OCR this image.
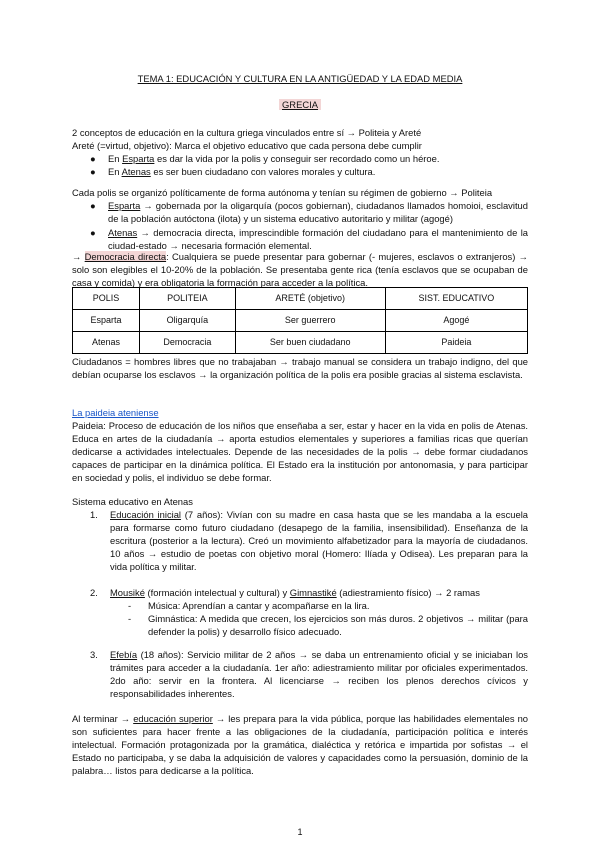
TEMA 1: EDUCACIÓN Y CULTURA EN LA ANTIGÜEDAD Y LA EDAD MEDIA
GRECIA
2 conceptos de educación en la cultura griega vinculados entre sí → Politeia y Areté
Areté (=virtud, objetivo): Marca el objetivo educativo que cada persona debe cumplir
● En Esparta es dar la vida por la polis y conseguir ser recordado como un héroe.
● En Atenas es ser buen ciudadano con valores morales y cultura.
Cada polis se organizó políticamente de forma autónoma y tenían su régimen de gobierno → Politeia
● Esparta → gobernada por la oligarquía (pocos gobiernan), ciudadanos llamados homoioi, esclavitud de la población autóctona (ilota) y un sistema educativo autoritario y militar (agogé)
● Atenas → democracia directa, imprescindible formación del ciudadano para el mantenimiento de la ciudad-estado → necesaria formación elemental.
→ Democracia directa: Cualquiera se puede presentar para gobernar (- mujeres, esclavos o extranjeros) → solo son elegibles el 10-20% de la población. Se presentaba gente rica (tenía esclavos que se ocupaban de casa y comida) y era obligatoria la formación para acceder a la política.
POLIS	POLITEIA	ARETÉ (objetivo)	SIST. EDUCATIVO
Esparta	Oligarquía	Ser guerrero	Agogé
Atenas	Democracia	Ser buen ciudadano	Paideia
Ciudadanos = hombres libres que no trabajaban → trabajo manual se considera un trabajo indigno, del que debían ocuparse los esclavos → la organización política de la polis era posible gracias al sistema esclavista.
La paideia ateniense
Paideia: Proceso de educación de los niños que enseñaba a ser, estar y hacer en la vida en polis de Atenas. Educa en artes de la ciudadanía → aporta estudios elementales y superiores a familias ricas que querían dedicarse a actividades intelectuales. Depende de las necesidades de la polis → debe formar ciudadanos capaces de participar en la dinámica política. El Estado era la institución por antonomasia, y para participar en sociedad y polis, el individuo se debe formar.
Sistema educativo en Atenas
1. Educación inicial (7 años): Vivían con su madre en casa hasta que se les mandaba a la escuela para formarse como futuro ciudadano (desapego de la familia, insensibilidad). Enseñanza de la escritura (posterior a la lectura). Creó un movimiento alfabetizador para la mayoría de ciudadanos. 10 años → estudio de poetas con objetivo moral (Homero: Ilíada y Odisea). Les preparan para la vida política y militar.
2. Mousiké (formación intelectual y cultural) y Gimnastiké (adiestramiento físico) → 2 ramas
- Música: Aprendían a cantar y acompañarse en la lira.
- Gimnástica: A medida que crecen, los ejercicios son más duros. 2 objetivos → militar (para defender la polis) y desarrollo físico adecuado.
3. Efebía (18 años): Servicio militar de 2 años → se daba un entrenamiento oficial y se iniciaban los trámites para acceder a la ciudadanía. 1er año: adiestramiento militar por oficiales experimentados. 2do año: servir en la frontera. Al licenciarse → reciben los plenos derechos cívicos y responsabilidades inherentes.
Al terminar → educación superior → les prepara para la vida pública, porque las habilidades elementales no son suficientes para hacer frente a las obligaciones de la ciudadanía, participación política e interés intelectual. Formación protagonizada por la gramática, dialéctica y retórica e impartida por sofistas → el Estado no participaba, y se daba la adquisición de valores y capacidades como la persuasión, dominio de la palabra… listos para dedicarse a la política.
1
